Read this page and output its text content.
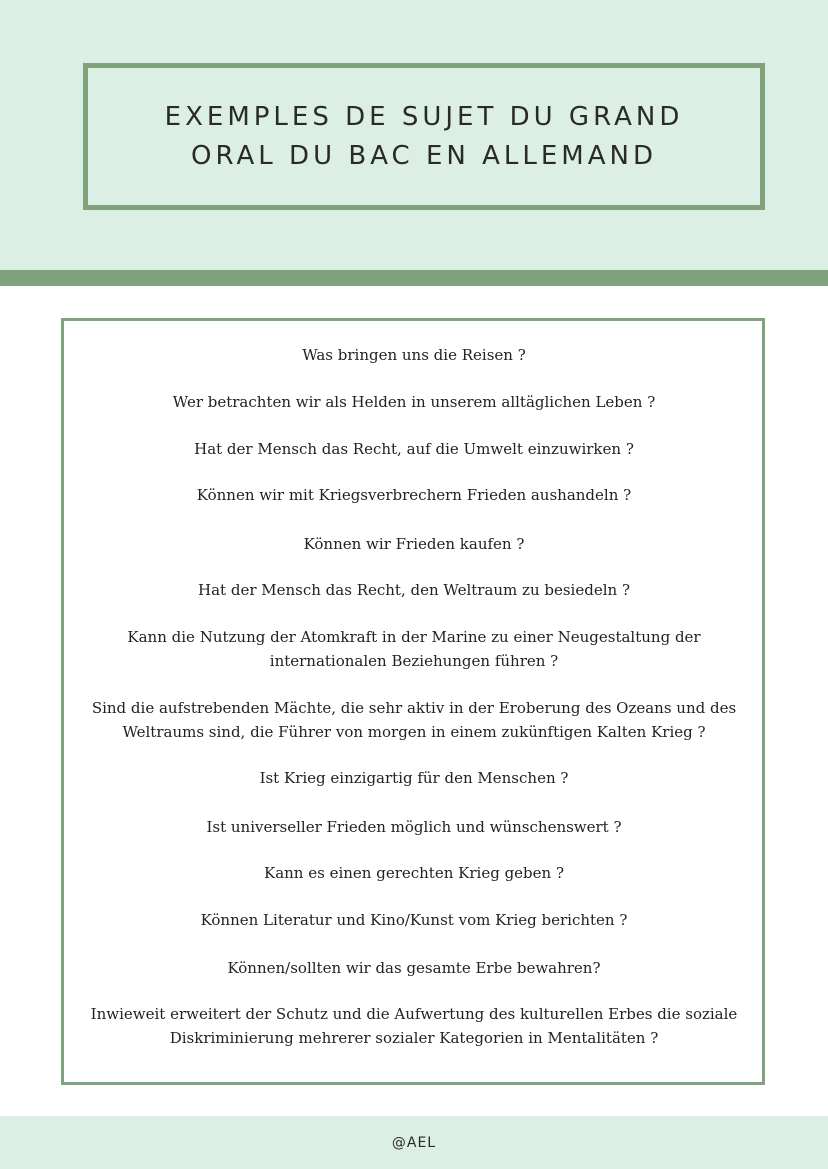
EXEMPLES DE SUJET DU GRAND ORAL DU BAC EN ALLEMAND
Was bringen uns die Reisen ?
Wer betrachten wir als Helden in unserem alltäglichen Leben ?
Hat der Mensch das Recht, auf die Umwelt einzuwirken ?
Können wir mit Kriegsverbrechern Frieden aushandeln ?
Können wir Frieden kaufen ?
Hat der Mensch das Recht, den Weltraum zu besiedeln ?
Kann die Nutzung der Atomkraft in der Marine zu einer Neugestaltung der internationalen Beziehungen führen ?
Sind die aufstrebenden Mächte, die sehr aktiv in der Eroberung des Ozeans und des Weltraums sind, die Führer von morgen in einem zukünftigen Kalten Krieg ?
Ist Krieg einzigartig für den Menschen ?
Ist universeller Frieden möglich und wünschenswert ?
Kann es einen gerechten Krieg geben ?
Können Literatur und Kino/Kunst vom Krieg berichten ?
Können/sollten wir das gesamte Erbe bewahren?
Inwieweit erweitert der Schutz und die Aufwertung des kulturellen Erbes die soziale Diskriminierung mehrerer sozialer Kategorien in Mentalitäten ?
@AEL
